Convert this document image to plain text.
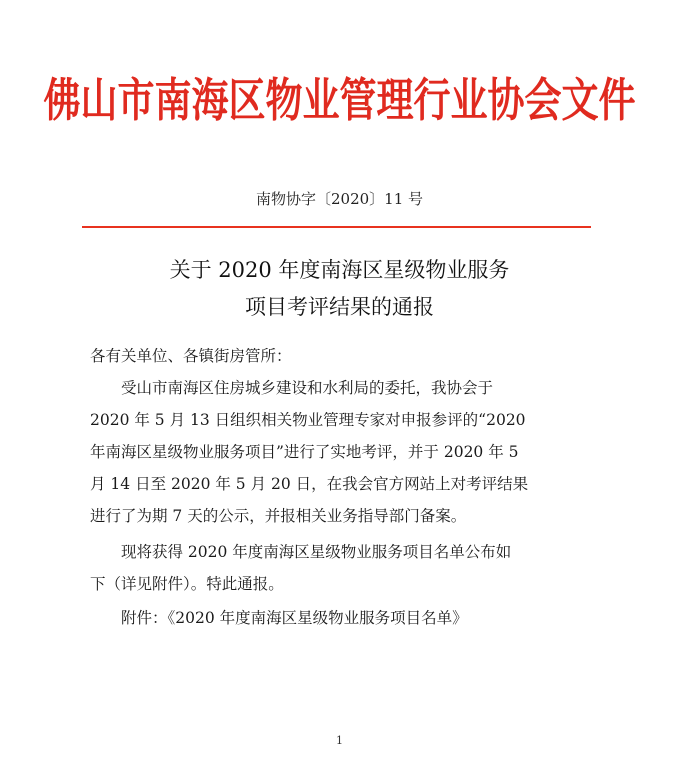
佛山市南海区物业管理行业协会文件
南物协字〔2020〕11 号
关于 2020 年度南海区星级物业服务
项目考评结果的通报
各有关单位、各镇街房管所：
　　受山市南海区住房城乡建设和水利局的委托，我协会于
2020 年 5 月 13 日组织相关物业管理专家对申报参评的“2020
年南海区星级物业服务项目”进行了实地考评，并于 2020 年 5
月 14 日至 2020 年 5 月 20 日，在我会官方网站上对考评结果
进行了为期 7 天的公示，并报相关业务指导部门备案。
　　现将获得 2020 年度南海区星级物业服务项目名单公布如
下（详见附件）。特此通报。
　　附件：《2020 年度南海区星级物业服务项目名单》
1
